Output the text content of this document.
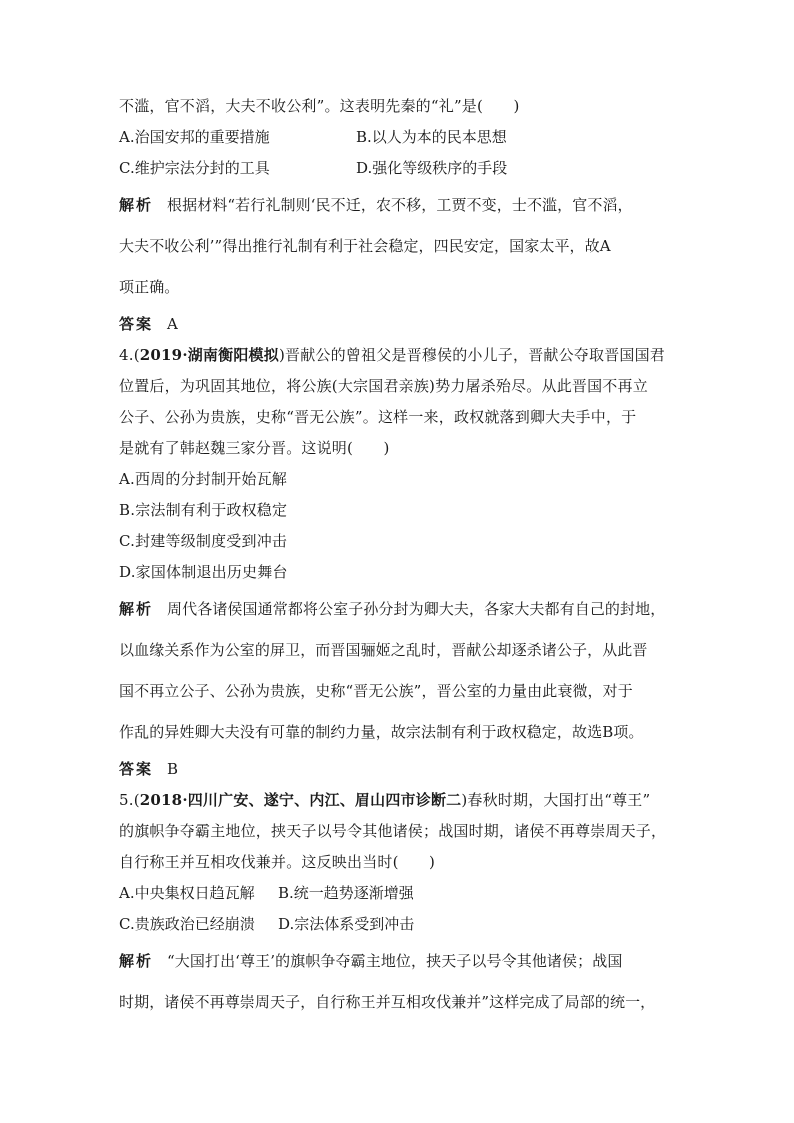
不滥，官不滔，大夫不收公利”。这表明先秦的“礼”是(　　)
A.治国安邦的重要措施	B.以人为本的民本思想
C.维护宗法分封的工具	D.强化等级秩序的手段
解析 根据材料“若行礼制则‘民不迁，农不移，工贾不变，士不滥，官不滔，
大夫不收公利’”得出推行礼制有利于社会稳定，四民安定，国家太平，故A
项正确。
答案 A
4.(2019·湖南衡阳模拟)晋献公的曾祖父是晋穆侯的小儿子，晋献公夺取晋国国君
位置后，为巩固其地位，将公族(大宗国君亲族)势力屠杀殆尽。从此晋国不再立
公子、公孙为贵族，史称“晋无公族”。这样一来，政权就落到卿大夫手中，于
是就有了韩赵魏三家分晋。这说明(　　)
A.西周的分封制开始瓦解
B.宗法制有利于政权稳定
C.封建等级制度受到冲击
D.家国体制退出历史舞台
解析 周代各诸侯国通常都将公室子孙分封为卿大夫，各家大夫都有自己的封地，
以血缘关系作为公室的屏卫，而晋国骊姬之乱时，晋献公却逐杀诸公子，从此晋
国不再立公子、公孙为贵族，史称“晋无公族”，晋公室的力量由此衰微，对于
作乱的异姓卿大夫没有可靠的制约力量，故宗法制有利于政权稳定，故选B项。
答案 B
5.(2018·四川广安、遂宁、内江、眉山四市诊断二)春秋时期，大国打出“尊王”
的旗帜争夺霸主地位，挟天子以号令其他诸侯；战国时期，诸侯不再尊崇周天子，
自行称王并互相攻伐兼并。这反映出当时(　　)
A.中央集权日趋瓦解 B.统一趋势逐渐增强
C.贵族政治已经崩溃 D.宗法体系受到冲击
解析 “大国打出‘尊王’的旗帜争夺霸主地位，挟天子以号令其他诸侯；战国
时期，诸侯不再尊崇周天子，自行称王并互相攻伐兼并”这样完成了局部的统一，
